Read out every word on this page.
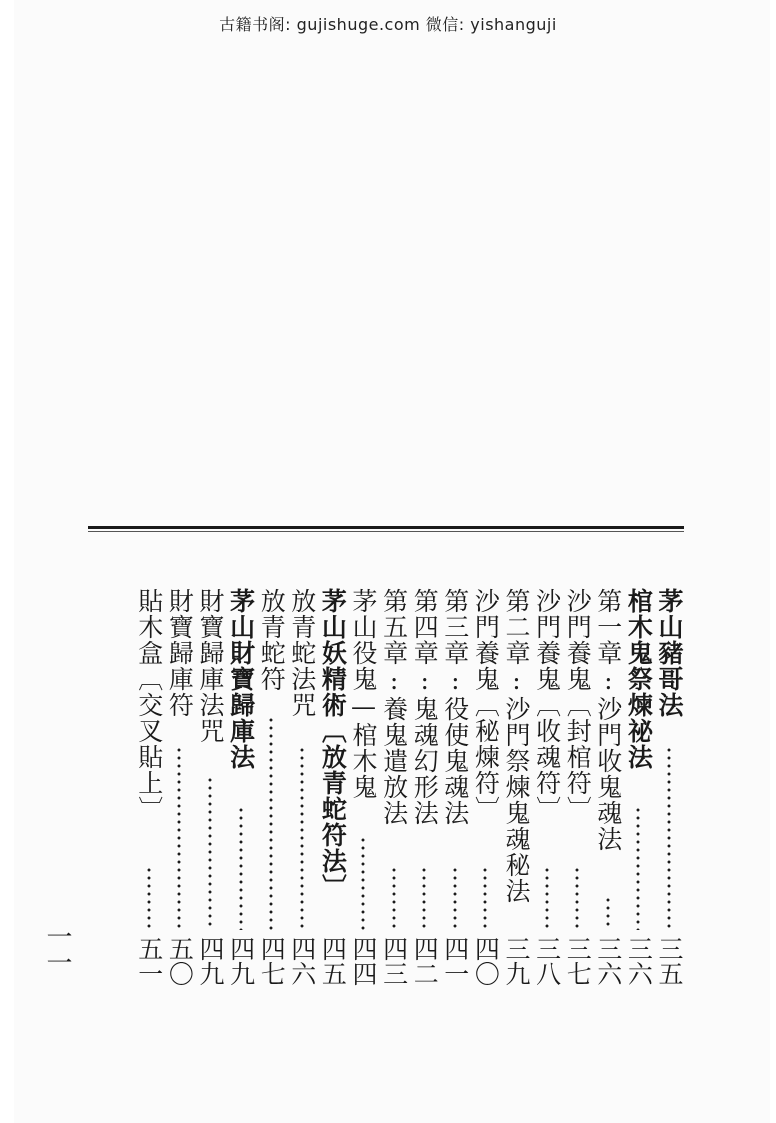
古籍书阁: gujishuge.com 微信: yishanguji
茅山豬哥法
三五
棺木鬼祭煉祕法
三六
第一章:沙門收鬼魂法
三六
沙門養鬼〔封棺符〕
三七
沙門養鬼〔收魂符〕
三八
第二章:沙門祭煉鬼魂秘法
三九
沙門養鬼〔秘煉符〕
四〇
第三章:役使鬼魂法
四一
第四章:鬼魂幻形法
四二
第五章:養鬼遣放法
四三
茅山役鬼—棺木鬼
四四
茅山妖精術〔放青蛇符法〕
四五
放青蛇法咒
四六
放青蛇符
四七
茅山財寶歸庫法
四九
財寶歸庫法咒
四九
財寶歸庫符
五〇
貼木盒〔交叉貼上〕
五一
一一
